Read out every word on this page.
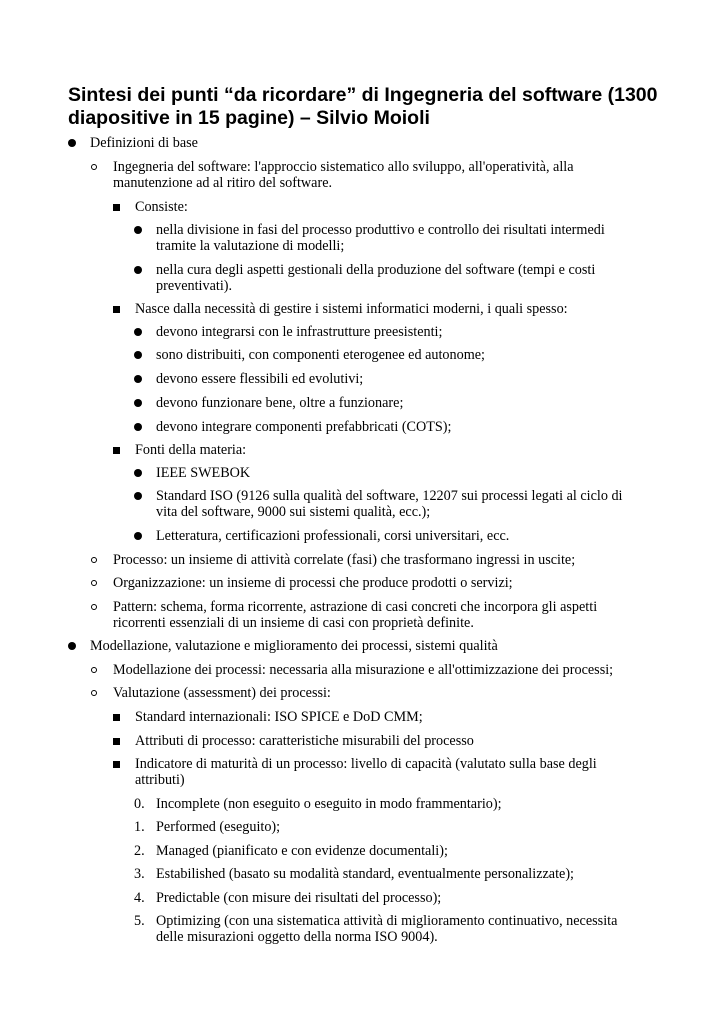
Sintesi dei punti “da ricordare” di Ingegneria del software (1300 diapositive in 15 pagine) – Silvio Moioli

Definizioni di base

Ingegneria del software: l'approccio sistematico allo sviluppo, all'operatività, alla manutenzione ad al ritiro del software.

Consiste:

nella divisione in fasi del processo produttivo e controllo dei risultati intermedi tramite la valutazione di modelli;

nella cura degli aspetti gestionali della produzione del software (tempi e costi preventivati).

Nasce dalla necessità di gestire i sistemi informatici moderni, i quali spesso:

devono integrarsi con le infrastrutture preesistenti;

sono distribuiti, con componenti eterogenee ed autonome;

devono essere flessibili ed evolutivi;

devono funzionare bene, oltre a funzionare;

devono integrare componenti prefabbricati (COTS);

Fonti della materia:

IEEE SWEBOK

Standard ISO (9126 sulla qualità del software, 12207 sui processi legati al ciclo di vita del software, 9000 sui sistemi qualità, ecc.);

Letteratura, certificazioni professionali, corsi universitari, ecc.

Processo: un insieme di attività correlate (fasi) che trasformano ingressi in uscite;

Organizzazione: un insieme di processi che produce prodotti o servizi;

Pattern: schema, forma ricorrente, astrazione di casi concreti che incorpora gli aspetti ricorrenti essenziali di un insieme di casi con proprietà definite.

Modellazione, valutazione e miglioramento dei processi, sistemi qualità

Modellazione dei processi: necessaria alla misurazione e all'ottimizzazione dei processi;

Valutazione (assessment) dei processi:

Standard internazionali: ISO SPICE e DoD CMM;

Attributi di processo: caratteristiche misurabili del processo

Indicatore di maturità di un processo: livello di capacità (valutato sulla base degli attributi)

0. Incomplete (non eseguito o eseguito in modo frammentario);

1. Performed (eseguito);

2. Managed (pianificato e con evidenze documentali);

3. Estabilished (basato su modalità standard, eventualmente personalizzate);

4. Predictable (con misure dei risultati del processo);

5. Optimizing (con una sistematica attività di miglioramento continuativo, necessita delle misurazioni oggetto della norma ISO 9004).
